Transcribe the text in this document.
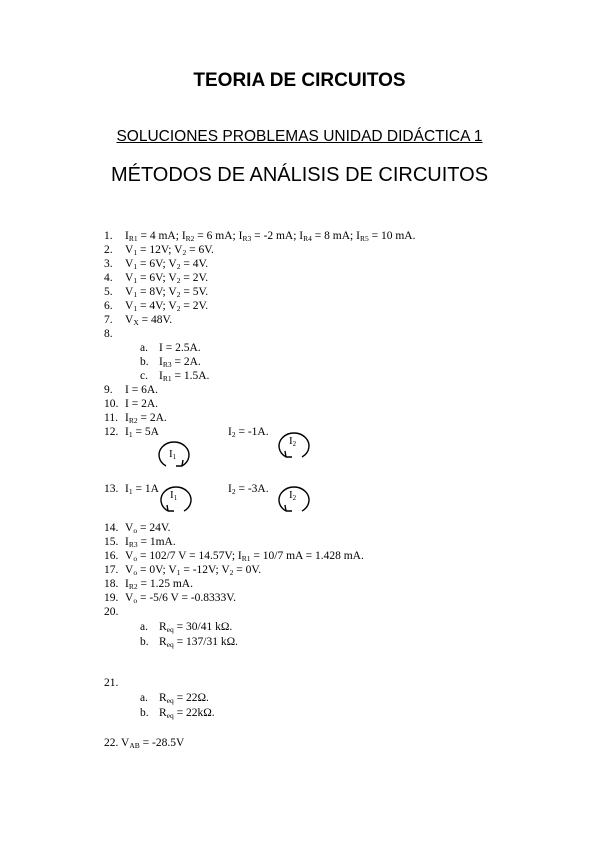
TEORIA DE CIRCUITOS
SOLUCIONES PROBLEMAS UNIDAD DIDÁCTICA 1
MÉTODOS DE ANÁLISIS DE CIRCUITOS
1. $I_{R1} = 4$ mA; $I_{R2} = 6$ mA; $I_{R3} = -2$ mA; $I_{R4} = 8$ mA; $I_{R5} = 10$ mA.
2. $V_1 = 12V$; $V_2 = 6V$.
3. $V_1 = 6V$; $V_2 = 4V$.
4. $V_1 = 6V$; $V_2 = 2V$.
5. $V_1 = 8V$; $V_2 = 5V$.
6. $V_1 = 4V$; $V_2 = 2V$.
7. $V_X = 48V$.
8.
a. I = 2.5A.
b. $I_{R3} = 2A$.
c. $I_{R1} = 1.5A$.
9. I = 6A.
10. I = 2A.
11. $I_{R2} = 2A$.
12. $I_1 = 5A$	$I_2 = -1A$.
I1
I2
13. $I_1 = 1A$	$I_2 = -3A$.
I1	I2
14. $V_o = 24V$.
15. $I_{R3} = 1mA$.
16. $V_o = 102/7$ V = 14.57V; $I_{R1} = 10/7$ mA = 1.428 mA.
17. $V_o = 0V$; $V_1 = -12V$; $V_2 = 0V$.
18. $I_{R2} = 1.25$ mA.
19. $V_o = -5/6$ V = -0.8333V.
20.
a. $R_{eq} = 30/41$ kΩ.
b. $R_{eq} = 137/31$ kΩ.
21.
a. $R_{eq} = 22\Omega$.
b. $R_{eq} = 22k\Omega$.
22. $V_{AB} = -28.5V$
